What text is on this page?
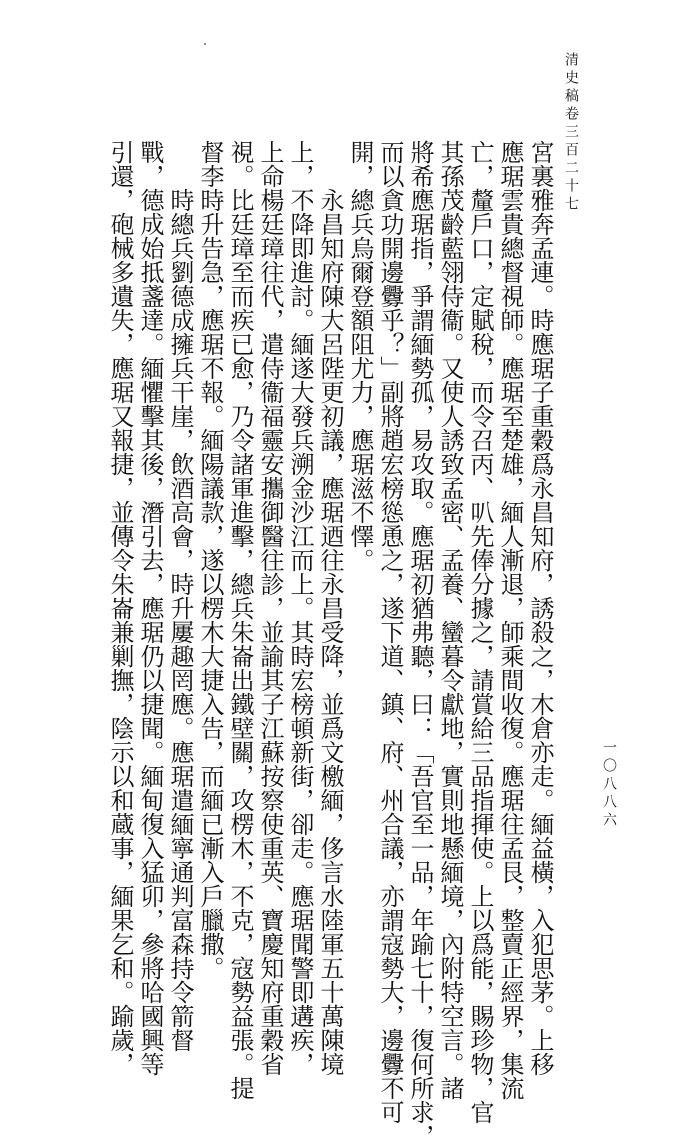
清史稿卷三百二十七
一〇八八六
宮裏雅奔孟連。時應琚子重穀爲永昌知府，誘殺之，木倉亦走。緬益橫，入犯思茅。上移
應琚雲貴總督視師。應琚至楚雄，緬人漸退，師乘間收復。應琚往孟艮，整賣正經界，集流
亡，釐戶口，定賦稅，而令召丙、叭先俸分據之，請賞給三品指揮使。上以爲能，賜珍物，官
其孫茂齡藍翎侍衞。又使人誘致孟密、孟養、蠻暮令獻地，實則地懸緬境，內附特空言。諸
將希應琚指，爭謂緬勢孤，易攻取。應琚初猶弗聽，曰：「吾官至一品，年踰七十，復何所求，
而以貪功開邊釁乎？」副將趙宏榜慫恿之，遂下道、鎮、府、州合議，亦謂寇勢大，邊釁不可
開，總兵烏爾登額阻尤力，應琚滋不懌。
永昌知府陳大呂陛更初議，應琚迺往永昌受降，並爲文檄緬，侈言水陸軍五十萬陳境
上，不降即進討。緬遂大發兵溯金沙江而上。其時宏榜頓新街，卻走。應琚聞警即遘疾，
上命楊廷璋往代，遣侍衞福靈安攜御醫往診，並諭其子江蘇按察使重英、寶慶知府重穀省
視。比廷璋至而疾已愈，乃令諸軍進擊，總兵朱崙出鐵壁關，攻楞木，不克，寇勢益張。提
督李時升告急，應琚不報。緬陽議款，遂以楞木大捷入告，而緬已漸入戶臘撒。
時總兵劉德成擁兵干崖，飲酒高會，時升屢趣罔應。應琚遣緬寧通判富森持令箭督
戰，德成始抵盞達。緬懼擊其後，潛引去，應琚仍以捷聞。緬甸復入猛卯，參將哈國興等
引還，砲械多遺失，應琚又報捷，並傳令朱崙兼剿撫，陰示以和蔵事，緬果乞和。踰歲，
